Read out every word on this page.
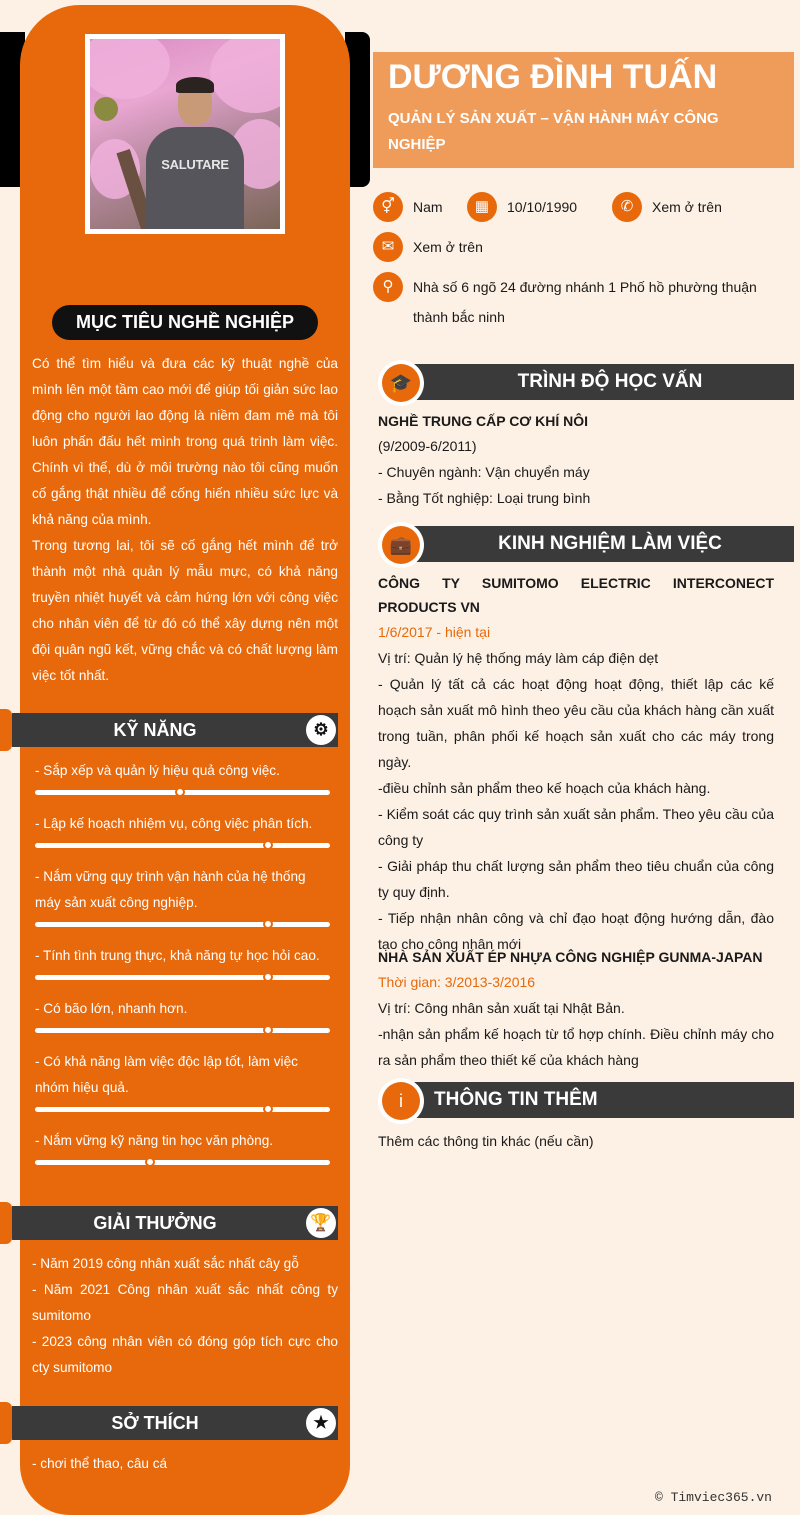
SALUTARE
MỤC TIÊU NGHỀ NGHIỆP

Có thể tìm hiểu và đưa các kỹ thuật nghề của mình lên một tầm cao mới để giúp tối giản sức lao động cho người lao động là niềm đam mê mà tôi luôn phấn đấu hết mình trong quá trình làm việc. Chính vì thế, dù ở môi trường nào tôi cũng muốn cố gắng thật nhiều để cống hiến nhiều sức lực và khả năng của mình.

Trong tương lai, tôi sẽ cố gắng hết mình để trở thành một nhà quản lý mẫu mực, có khả năng truyền nhiệt huyết và cảm hứng lớn với công việc cho nhân viên để từ đó có thể xây dựng nên một đội quân ngũ kết, vững chắc và có chất lượng làm việc tốt nhất.

KỸ NĂNG	⚙
- Sắp xếp và quản lý hiệu quả công việc.
- Lập kế hoạch nhiệm vụ, công việc phân tích.
- Nắm vững quy trình vận hành của hệ thống máy sản xuất công nghiệp.
- Tính tình trung thực, khả năng tự học hỏi cao.
- Có bão lớn, nhanh hơn.
- Có khả năng làm việc độc lập tốt, làm việc nhóm hiệu quả.
- Nắm vững kỹ năng tin học văn phòng.
GIẢI THƯỞNG	🏆

- Năm 2019 công nhân xuất sắc nhất cây gỗ

- Năm 2021 Công nhân xuất sắc nhất công ty sumitomo

- 2023 công nhân viên có đóng góp tích cực cho cty sumitomo

SỞ THÍCH	★
- chơi thể thao, câu cá
DƯƠNG ĐÌNH TUẤN
QUẢN LÝ SẢN XUẤT – VẬN HÀNH MÁY CÔNG NGHIỆP
⚥	Nam	▦	10/10/1990	✆	Xem ở trên
✉	Xem ở trên
⚲	Nhà số 6 ngõ 24 đường nhánh 1 Phố hồ phường thuận thành bắc ninh
🎓	TRÌNH ĐỘ HỌC VẤN

NGHỀ TRUNG CẤP CƠ KHÍ NÔI

(9/2009-6/2011)

- Chuyên ngành: Vận chuyển máy

- Bằng Tốt nghiệp: Loại trung bình

💼	KINH NGHIỆM LÀM VIỆC

CÔNG TY SUMITOMO ELECTRIC INTERCONECT PRODUCTS VN

1/6/2017 - hiện tại

Vị trí: Quản lý hệ thống máy làm cáp điện dẹt

- Quản lý tất cả các hoạt động hoạt động, thiết lập các kế hoạch sản xuất mô hình theo yêu cầu của khách hàng cần xuất trong tuần, phân phối kế hoạch sản xuất cho các máy trong ngày.

-điều chỉnh sản phẩm theo kế hoạch của khách hàng.

- Kiểm soát các quy trình sản xuất sản phẩm. Theo yêu cầu của công ty

- Giải pháp thu chất lượng sản phẩm theo tiêu chuẩn của công ty quy định.

- Tiếp nhận nhân công và chỉ đạo hoạt động hướng dẫn, đào tạo cho công nhân mới

NHÀ SẢN XUẤT ÉP NHỰA CÔNG NGHIỆP GUNMA-JAPAN

Thời gian: 3/2013-3/2016

Vị trí: Công nhân sản xuất tại Nhật Bản.

-nhận sản phẩm kế hoạch từ tổ hợp chính. Điều chỉnh máy cho ra sản phẩm theo thiết kế của khách hàng

i	THÔNG TIN THÊM
Thêm các thông tin khác (nếu cần)
© Timviec365.vn
